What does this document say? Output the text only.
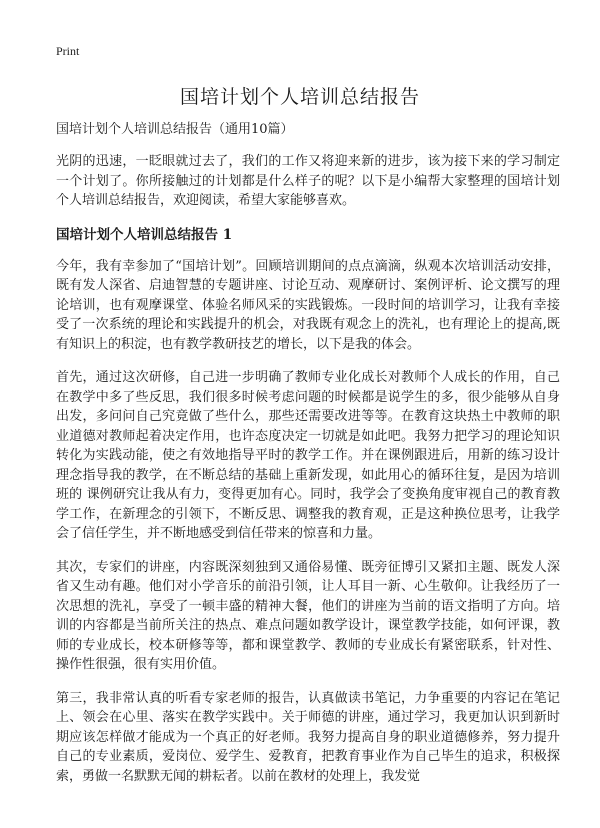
Print
国培计划个人培训总结报告

国培计划个人培训总结报告（通用10篇）

光阴的迅速，一眨眼就过去了，我们的工作又将迎来新的进步，该为接下来的学习制定一个计划了。你所接触过的计划都是什么样子的呢？以下是小编帮大家整理的国培计划个人培训总结报告，欢迎阅读，希望大家能够喜欢。

国培计划个人培训总结报告 1

今年，我有幸参加了“国培计划”。回顾培训期间的点点滴滴，纵观本次培训活动安排，既有发人深省、启迪智慧的专题讲座、讨论互动、观摩研讨、案例评析、论文撰写的理论培训，也有观摩课堂、体验名师风采的实践锻炼。一段时间的培训学习，让我有幸接受了一次系统的理论和实践提升的机会，对我既有观念上的洗礼，也有理论上的提高,既有知识上的积淀，也有教学教研技艺的增长，以下是我的体会。

首先，通过这次研修，自己进一步明确了教师专业化成长对教师个人成长的作用，自己在教学中多了些反思，我们很多时候考虑问题的时候都是说学生的多，很少能够从自身出发，多问问自己究竟做了些什么，那些还需要改进等等。在教育这块热土中教师的职业道德对教师起着决定作用，也许态度决定一切就是如此吧。我努力把学习的理论知识转化为实践动能，使之有效地指导平时的教学工作。并在课例跟进后，用新的练习设计理念指导我的教学，在不断总结的基础上重新发现，如此用心的循环往复，是因为培训班的 课例研究让我从有力，变得更加有心。同时，我学会了变换角度审视自己的教育教学工作，在新理念的引领下，不断反思、调整我的教育观，正是这种换位思考，让我学会了信任学生，并不断地感受到信任带来的惊喜和力量。

其次，专家们的讲座，内容既深刻独到又通俗易懂、既旁征博引又紧扣主题、既发人深省又生动有趣。他们对小学音乐的前沿引领，让人耳目一新、心生敬仰。让我经历了一次思想的洗礼，享受了一顿丰盛的精神大餐，他们的讲座为当前的语文指明了方向。培训的内容都是当前所关注的热点、难点问题如教学设计，课堂教学技能，如何评课，教师的专业成长，校本研修等等，都和课堂教学、教师的专业成长有紧密联系，针对性、操作性很强，很有实用价值。

第三，我非常认真的听看专家老师的报告，认真做读书笔记，力争重要的内容记在笔记上、领会在心里、落实在教学实践中。关于师德的讲座，通过学习，我更加认识到新时期应该怎样做才能成为一个真正的好老师。我努力提高自身的职业道德修养，努力提升自己的专业素质，爱岗位、爱学生、爱教育，把教育事业作为自己毕生的追求，积极探索，勇做一名默默无闻的耕耘者。以前在教材的处理上，我发觉
